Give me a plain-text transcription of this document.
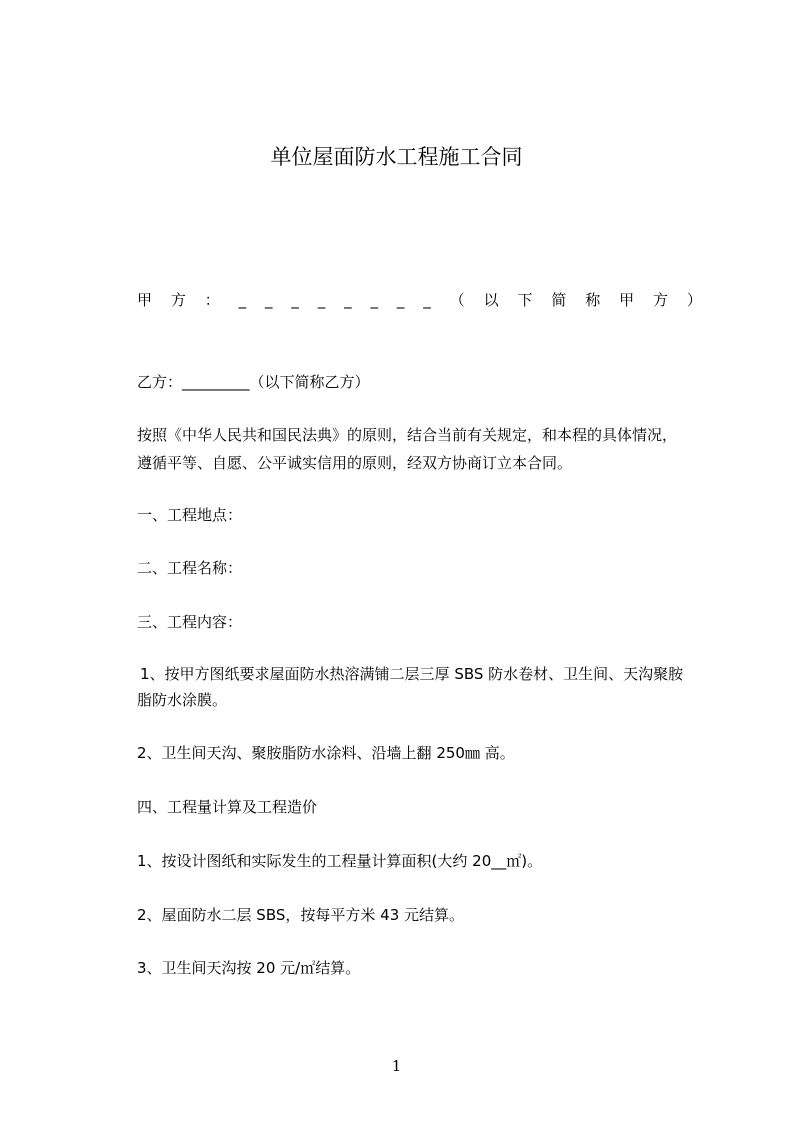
单位屋面防水工程施工合同
甲 方 ： _ _ _ _ _ _ _ _ （ 以 下 简 称 甲 方 ）
乙方：_________（以下简称乙方）
按照《中华人民共和国民法典》的原则，结合当前有关规定，和本程的具体情况，
遵循平等、自愿、公平诚实信用的原则，经双方协商订立本合同。
一、工程地点：
二、工程名称：
三、工程内容：
1、按甲方图纸要求屋面防水热溶满铺二层三厚 SBS 防水卷材、卫生间、天沟聚胺
脂防水涂膜。
2、卫生间天沟、聚胺脂防水涂料、沿墙上翻 250㎜ 高。
四、工程量计算及工程造价
1、按设计图纸和实际发生的工程量计算面积(大约 20__㎡)。
2、屋面防水二层 SBS，按每平方米 43 元结算。
3、卫生间天沟按 20 元/㎡结算。
1
